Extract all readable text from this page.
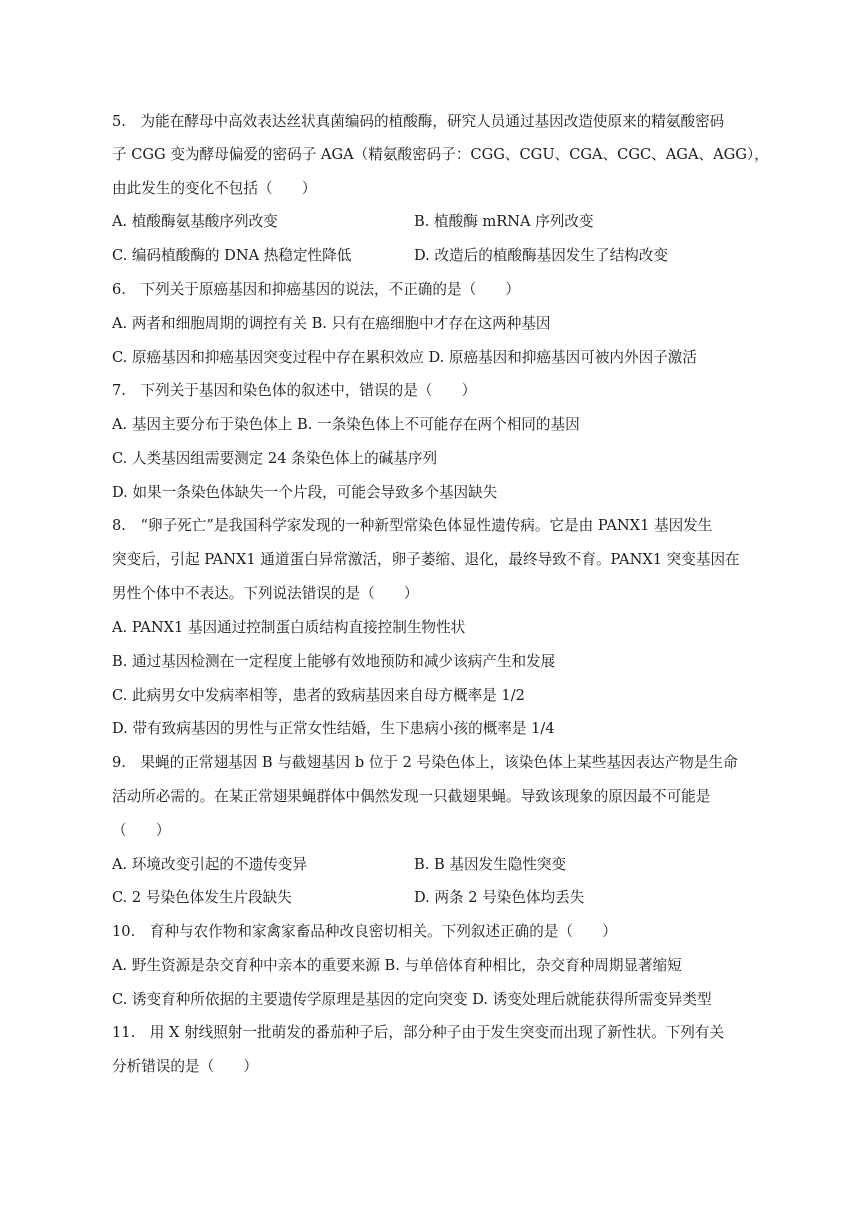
5.　为能在酵母中高效表达丝状真菌编码的植酸酶，研究人员通过基因改造使原来的精氨酸密码
子 CGG 变为酵母偏爱的密码子 AGA（精氨酸密码子：CGG、CGU、CGA、CGC、AGA、AGG），
由此发生的变化不包括（　　）
A. 植酸酶氨基酸序列改变	B. 植酸酶 mRNA 序列改变
C. 编码植酸酶的 DNA 热稳定性降低	D. 改造后的植酸酶基因发生了结构改变
6.　下列关于原癌基因和抑癌基因的说法，不正确的是（　　）
A. 两者和细胞周期的调控有关 B. 只有在癌细胞中才存在这两种基因
C. 原癌基因和抑癌基因突变过程中存在累积效应 D. 原癌基因和抑癌基因可被内外因子激活
7.　下列关于基因和染色体的叙述中，错误的是（　　）
A. 基因主要分布于染色体上 B. 一条染色体上不可能存在两个相同的基因
C. 人类基因组需要测定 24 条染色体上的碱基序列
D. 如果一条染色体缺失一个片段，可能会导致多个基因缺失
8.　“卵子死亡”是我国科学家发现的一种新型常染色体显性遗传病。它是由 PANX1 基因发生
突变后，引起 PANX1 通道蛋白异常激活，卵子萎缩、退化，最终导致不育。PANX1 突变基因在
男性个体中不表达。下列说法错误的是（　　）
A. PANX1 基因通过控制蛋白质结构直接控制生物性状
B. 通过基因检测在一定程度上能够有效地预防和减少该病产生和发展
C. 此病男女中发病率相等，患者的致病基因来自母方概率是 1/2
D. 带有致病基因的男性与正常女性结婚，生下患病小孩的概率是 1/4
9.　果蝇的正常翅基因 B 与截翅基因 b 位于 2 号染色体上，该染色体上某些基因表达产物是生命
活动所必需的。在某正常翅果蝇群体中偶然发现一只截翅果蝇。导致该现象的原因最不可能是
（　　）
A. 环境改变引起的不遗传变异	B. B 基因发生隐性突变
C. 2 号染色体发生片段缺失	D. 两条 2 号染色体均丢失
10.　育种与农作物和家禽家畜品种改良密切相关。下列叙述正确的是（　　）
A. 野生资源是杂交育种中亲本的重要来源 B. 与单倍体育种相比，杂交育种周期显著缩短
C. 诱变育种所依据的主要遗传学原理是基因的定向突变 D. 诱变处理后就能获得所需变异类型
11.　用 X 射线照射一批萌发的番茄种子后，部分种子由于发生突变而出现了新性状。下列有关
分析错误的是（　　）
